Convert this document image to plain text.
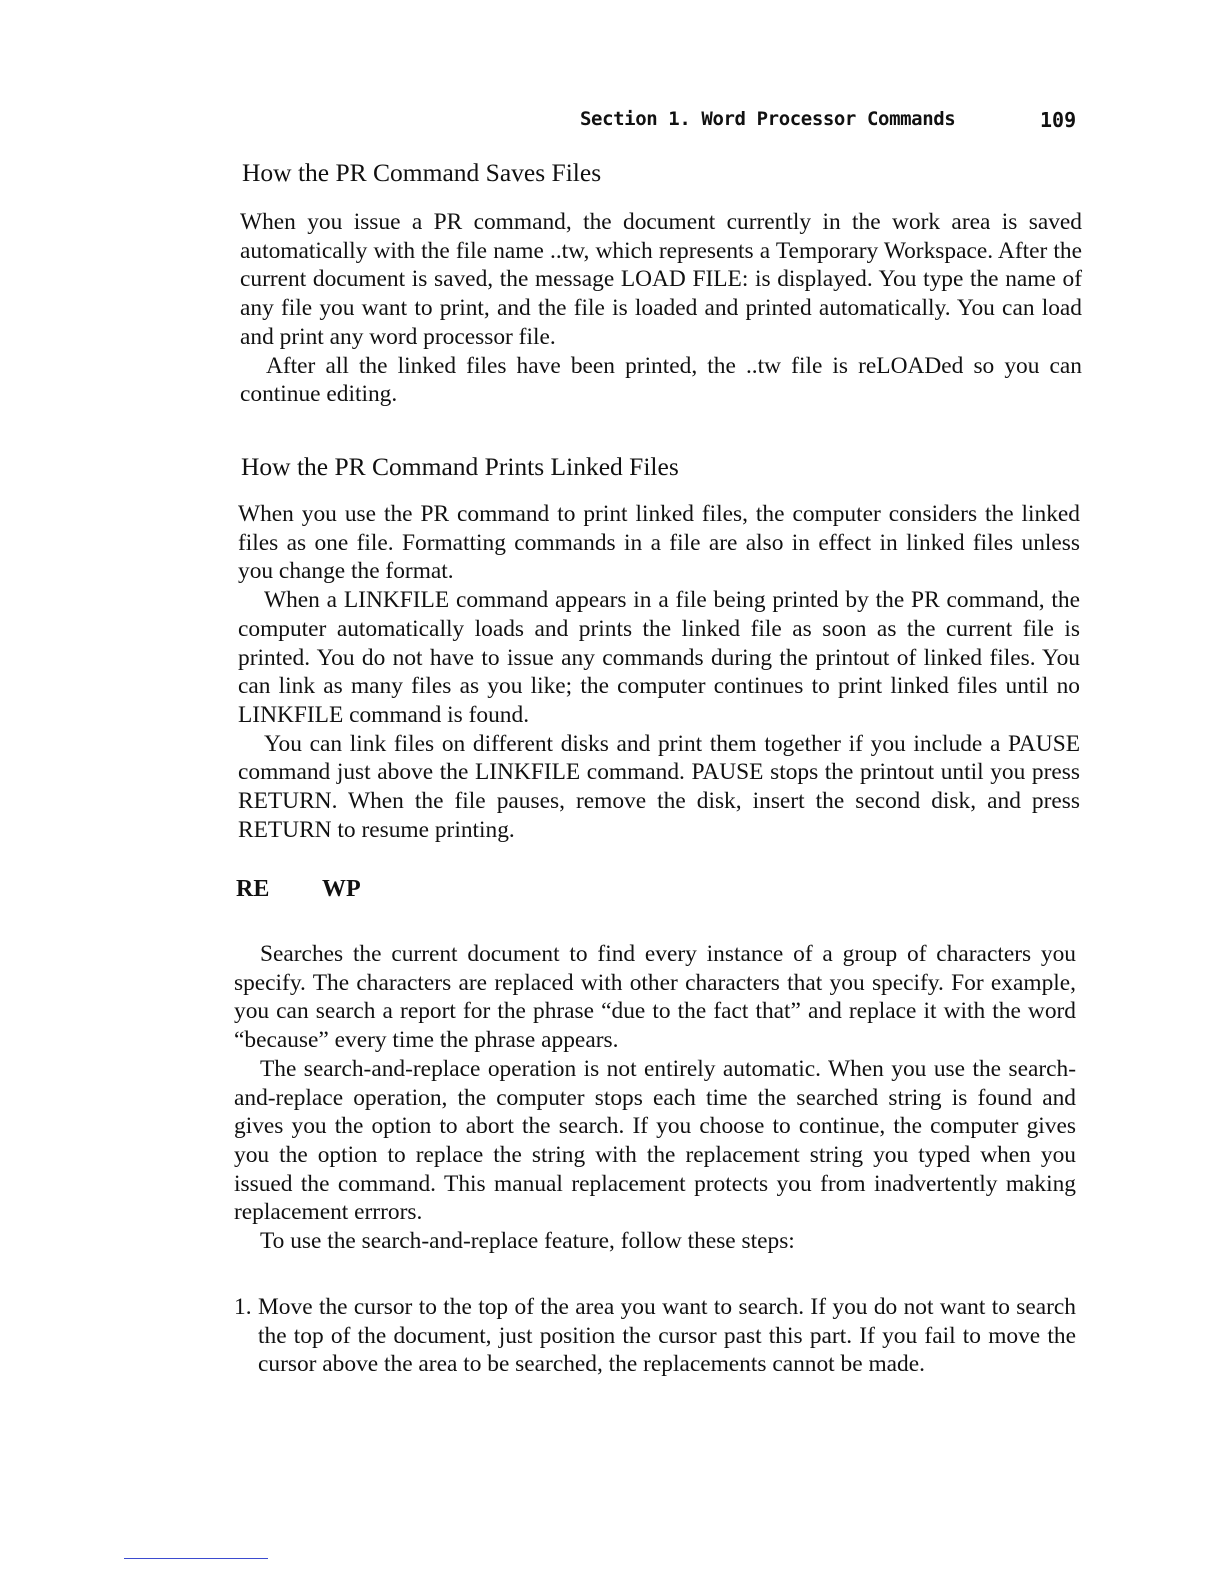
Section 1. Word Processor Commands	109
How the PR Command Saves Files

When you issue a PR command, the document currently in the work area is saved automatically with the file name ..tw, which represents a Temporary Workspace. After the current document is saved, the message LOAD FILE: is displayed. You type the name of any file you want to print, and the file is loaded and printed automatically. You can load and print any word processor file.

After all the linked files have been printed, the ..tw file is reLOADed so you can continue editing.

How the PR Command Prints Linked Files

When you use the PR command to print linked files, the computer considers the linked files as one file. Formatting commands in a file are also in effect in linked files unless you change the format.

When a LINKFILE command appears in a file being printed by the PR command, the computer automatically loads and prints the linked file as soon as the current file is printed. You do not have to issue any commands during the printout of linked files. You can link as many files as you like; the computer continues to print linked files until no LINKFILE command is found.

You can link files on different disks and print them together if you include a PAUSE command just above the LINKFILE command. PAUSE stops the printout until you press RETURN. When the file pauses, remove the disk, insert the second disk, and press RETURN to resume printing.

RE WP

Searches the current document to find every instance of a group of characters you specify. The characters are replaced with other characters that you specify. For example, you can search a report for the phrase “due to the fact that” and replace it with the word “because” every time the phrase appears.

The search-and-replace operation is not entirely automatic. When you use the search-and-replace operation, the computer stops each time the searched string is found and gives you the option to abort the search. If you choose to continue, the computer gives you the option to replace the string with the replacement string you typed when you issued the command. This manual replacement protects you from inadvertently making replacement errrors.

To use the search-and-replace feature, follow these steps:

1. Move the cursor to the top of the area you want to search. If you do not want to search the top of the document, just position the cursor past this part. If you fail to move the cursor above the area to be searched, the replacements cannot be made.
